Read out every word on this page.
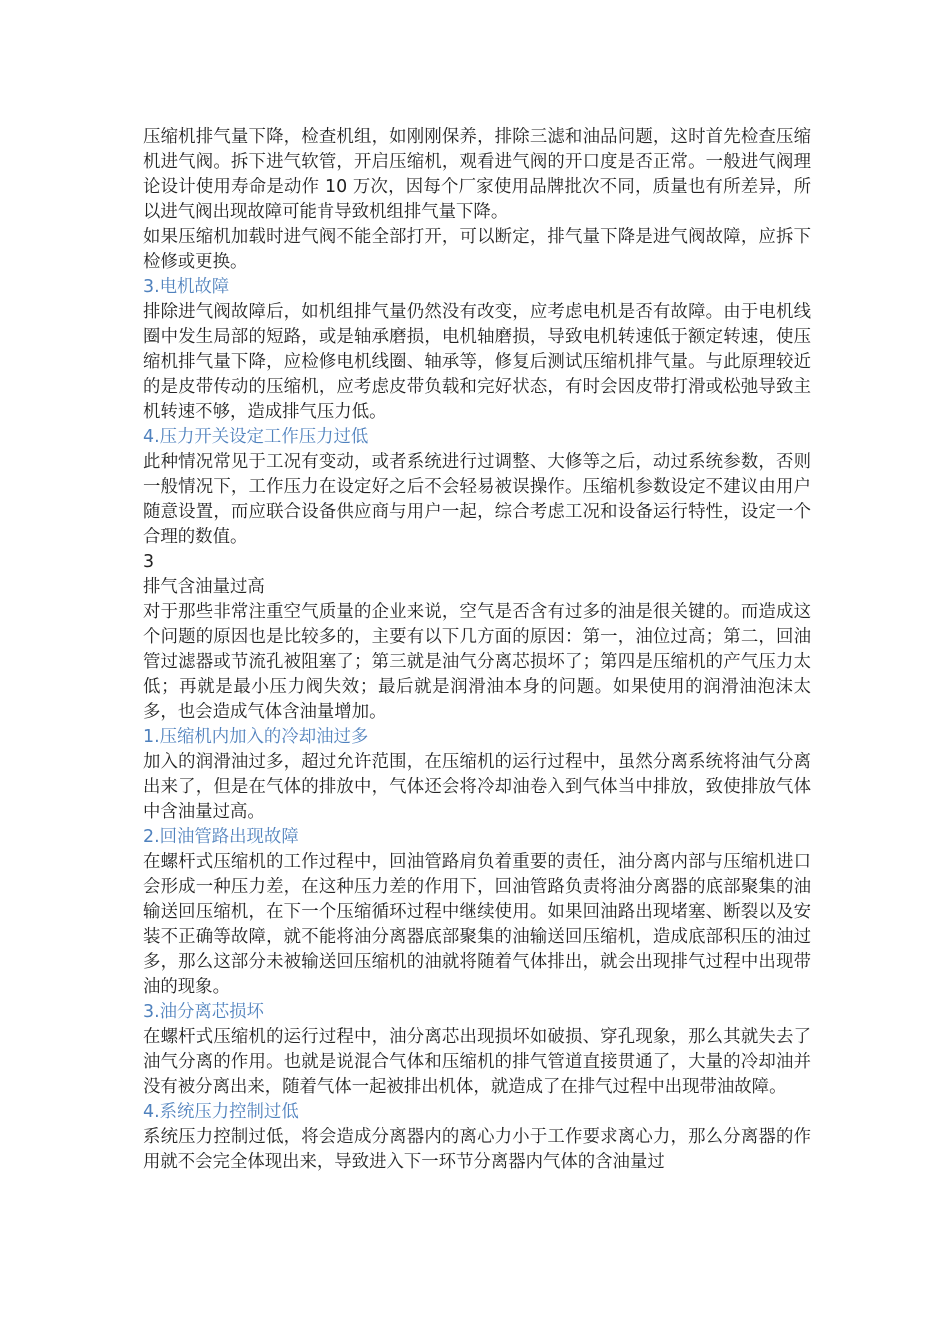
压缩机排气量下降，检查机组，如刚刚保养，排除三滤和油品问题，这时首先检查压缩机进气阀。拆下进气软管，开启压缩机，观看进气阀的开口度是否正常。一般进气阀理论设计使用寿命是动作 10 万次，因每个厂家使用品牌批次不同，质量也有所差异，所以进气阀出现故障可能肯导致机组排气量下降。

如果压缩机加载时进气阀不能全部打开，可以断定，排气量下降是进气阀故障，应拆下检修或更换。

3.电机故障

排除进气阀故障后，如机组排气量仍然没有改变，应考虑电机是否有故障。由于电机线圈中发生局部的短路，或是轴承磨损，电机轴磨损，导致电机转速低于额定转速，使压缩机排气量下降，应检修电机线圈、轴承等，修复后测试压缩机排气量。与此原理较近的是皮带传动的压缩机，应考虑皮带负载和完好状态，有时会因皮带打滑或松弛导致主机转速不够，造成排气压力低。

4.压力开关设定工作压力过低

此种情况常见于工况有变动，或者系统进行过调整、大修等之后，动过系统参数，否则一般情况下，工作压力在设定好之后不会轻易被误操作。压缩机参数设定不建议由用户随意设置，而应联合设备供应商与用户一起，综合考虑工况和设备运行特性，设定一个合理的数值。

3

排气含油量过高

对于那些非常注重空气质量的企业来说，空气是否含有过多的油是很关键的。而造成这个问题的原因也是比较多的，主要有以下几方面的原因：第一，油位过高；第二，回油管过滤器或节流孔被阻塞了；第三就是油气分离芯损坏了；第四是压缩机的产气压力太低；再就是最小压力阀失效；最后就是润滑油本身的问题。如果使用的润滑油泡沫太多，也会造成气体含油量增加。

1.压缩机内加入的冷却油过多

加入的润滑油过多，超过允许范围，在压缩机的运行过程中，虽然分离系统将油气分离出来了，但是在气体的排放中，气体还会将冷却油卷入到气体当中排放，致使排放气体中含油量过高。

2.回油管路出现故障

在螺杆式压缩机的工作过程中，回油管路肩负着重要的责任，油分离内部与压缩机进口会形成一种压力差，在这种压力差的作用下，回油管路负责将油分离器的底部聚集的油输送回压缩机，在下一个压缩循环过程中继续使用。如果回油路出现堵塞、断裂以及安装不正确等故障，就不能将油分离器底部聚集的油输送回压缩机，造成底部积压的油过多，那么这部分未被输送回压缩机的油就将随着气体排出，就会出现排气过程中出现带油的现象。

3.油分离芯损坏

在螺杆式压缩机的运行过程中，油分离芯出现损坏如破损、穿孔现象，那么其就失去了油气分离的作用。也就是说混合气体和压缩机的排气管道直接贯通了，大量的冷却油并没有被分离出来，随着气体一起被排出机体，就造成了在排气过程中出现带油故障。

4.系统压力控制过低

系统压力控制过低，将会造成分离器内的离心力小于工作要求离心力，那么分离器的作用就不会完全体现出来，导致进入下一环节分离器内气体的含油量过
